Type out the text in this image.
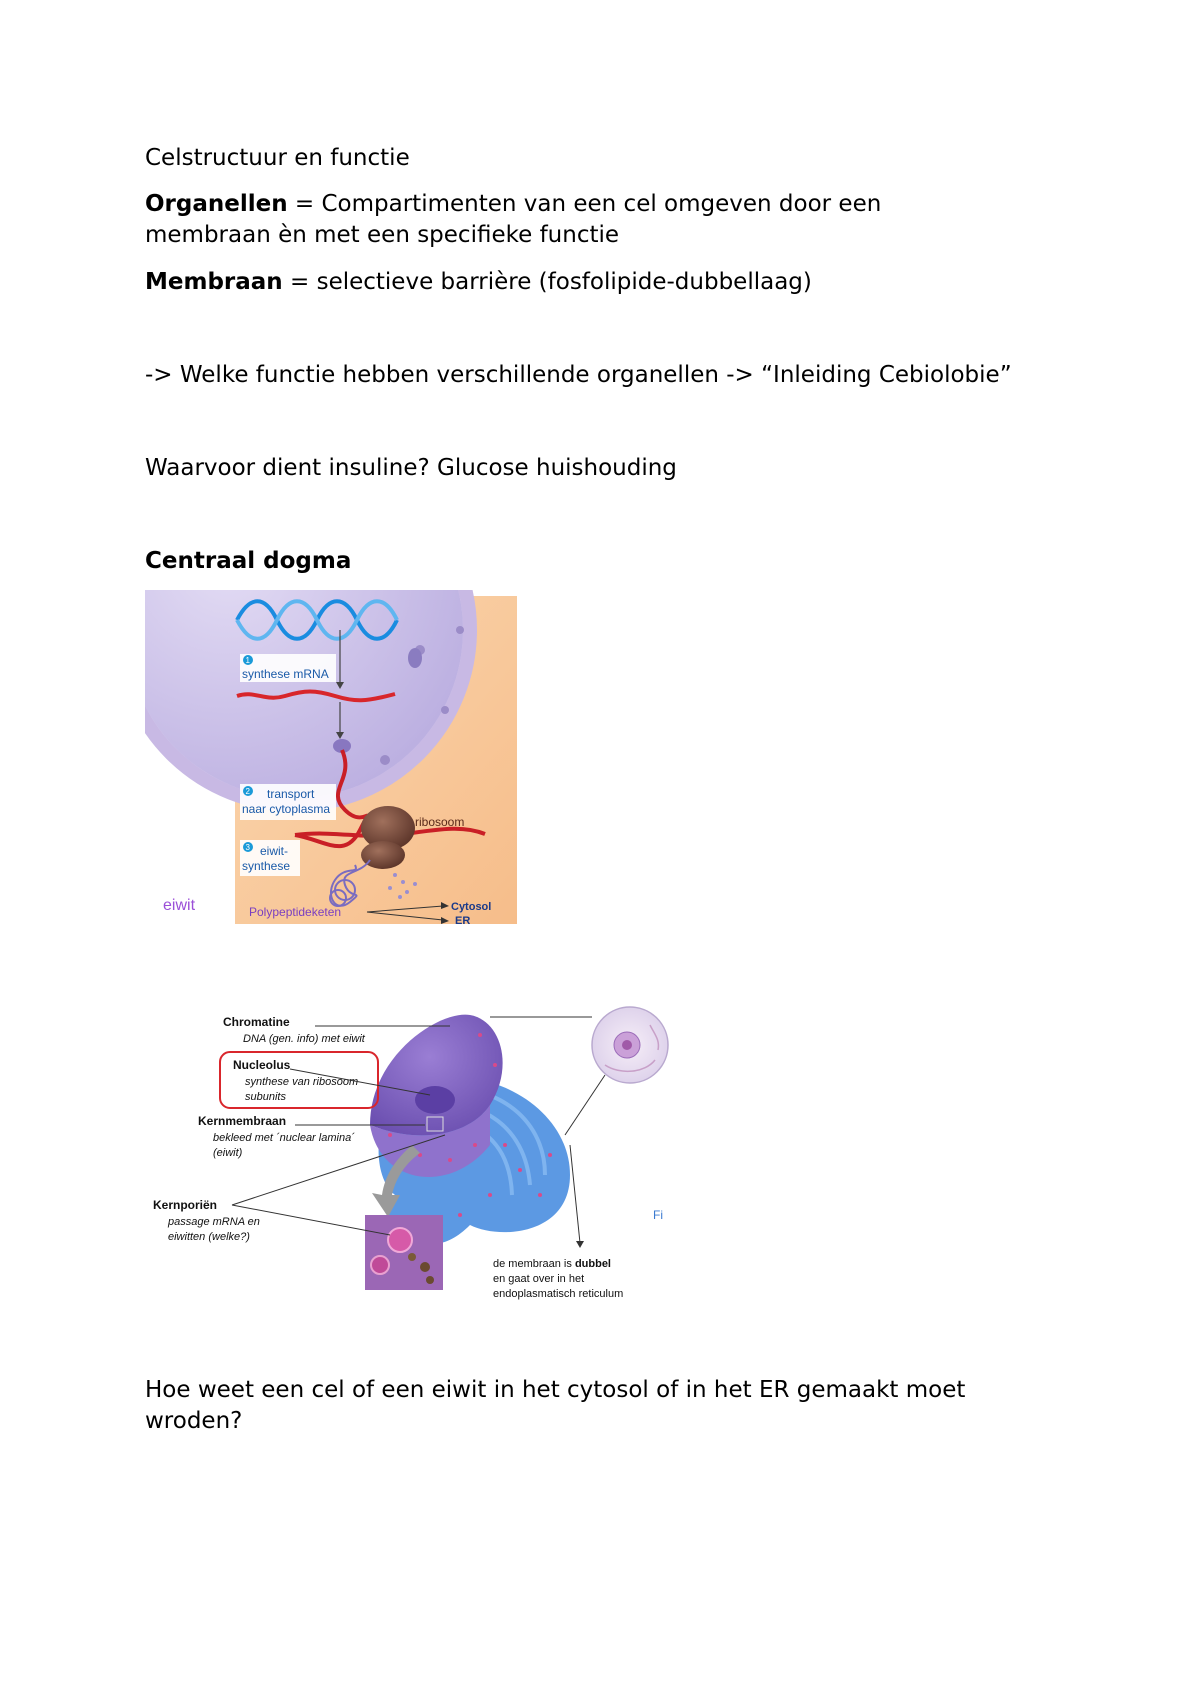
Celstructuur en functie
Organellen = Compartimenten van een cel omgeven door een
membraan èn met een specifieke functie
Membraan = selectieve barrière (fosfolipide-dubbellaag)
-> Welke functie hebben verschillende organellen -> “Inleiding Cebiolobie”
Waarvoor dient insuline? Glucose huishouding
Centraal dogma
Hoe weet een cel of een eiwit in het cytosol of in het ER gemaakt moet
wroden?
eiwit
1
synthese mRNA
2 transport
naar cytoplasma
ribosoom
3 eiwit-
synthese
Polypeptideketen	Cytosol
ER
Chromatine
DNA (gen. info) met eiwit
Nucleolus
synthese van ribosoom
subunits
Kernmembraan
bekleed met ´nuclear lamina´
(eiwit)
Kernporiën
passage mRNA en
eiwitten (welke?)
de membraan is dubbel
en gaat over in het
endoplasmatisch reticulum
Fi
